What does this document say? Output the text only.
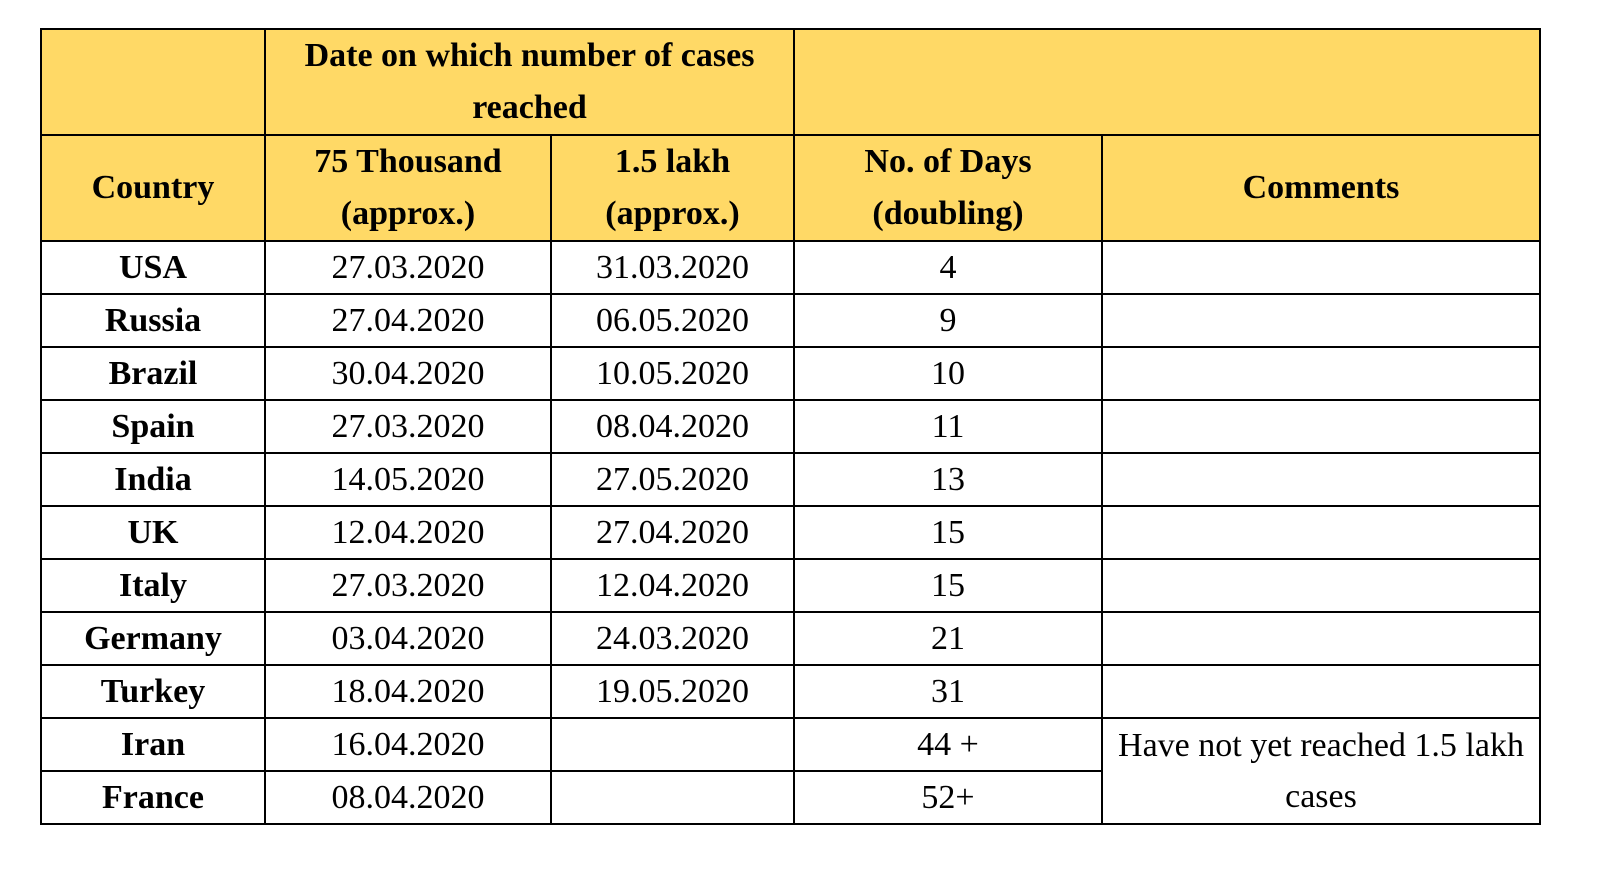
	Date on which number of cases reached			
Country	75 Thousand (approx.)	1.5 lakh (approx.)	No. of Days (doubling)	Comments
USA	27.03.2020	31.03.2020	4	
Russia	27.04.2020	06.05.2020	9	
Brazil	30.04.2020	10.05.2020	10	
Spain	27.03.2020	08.04.2020	11	
India	14.05.2020	27.05.2020	13	
UK	12.04.2020	27.04.2020	15	
Italy	27.03.2020	12.04.2020	15	
Germany	03.04.2020	24.03.2020	21	
Turkey	18.04.2020	19.05.2020	31	
Iran	16.04.2020		44 +	Have not yet reached 1.5 lakh cases
France	08.04.2020		52+	
